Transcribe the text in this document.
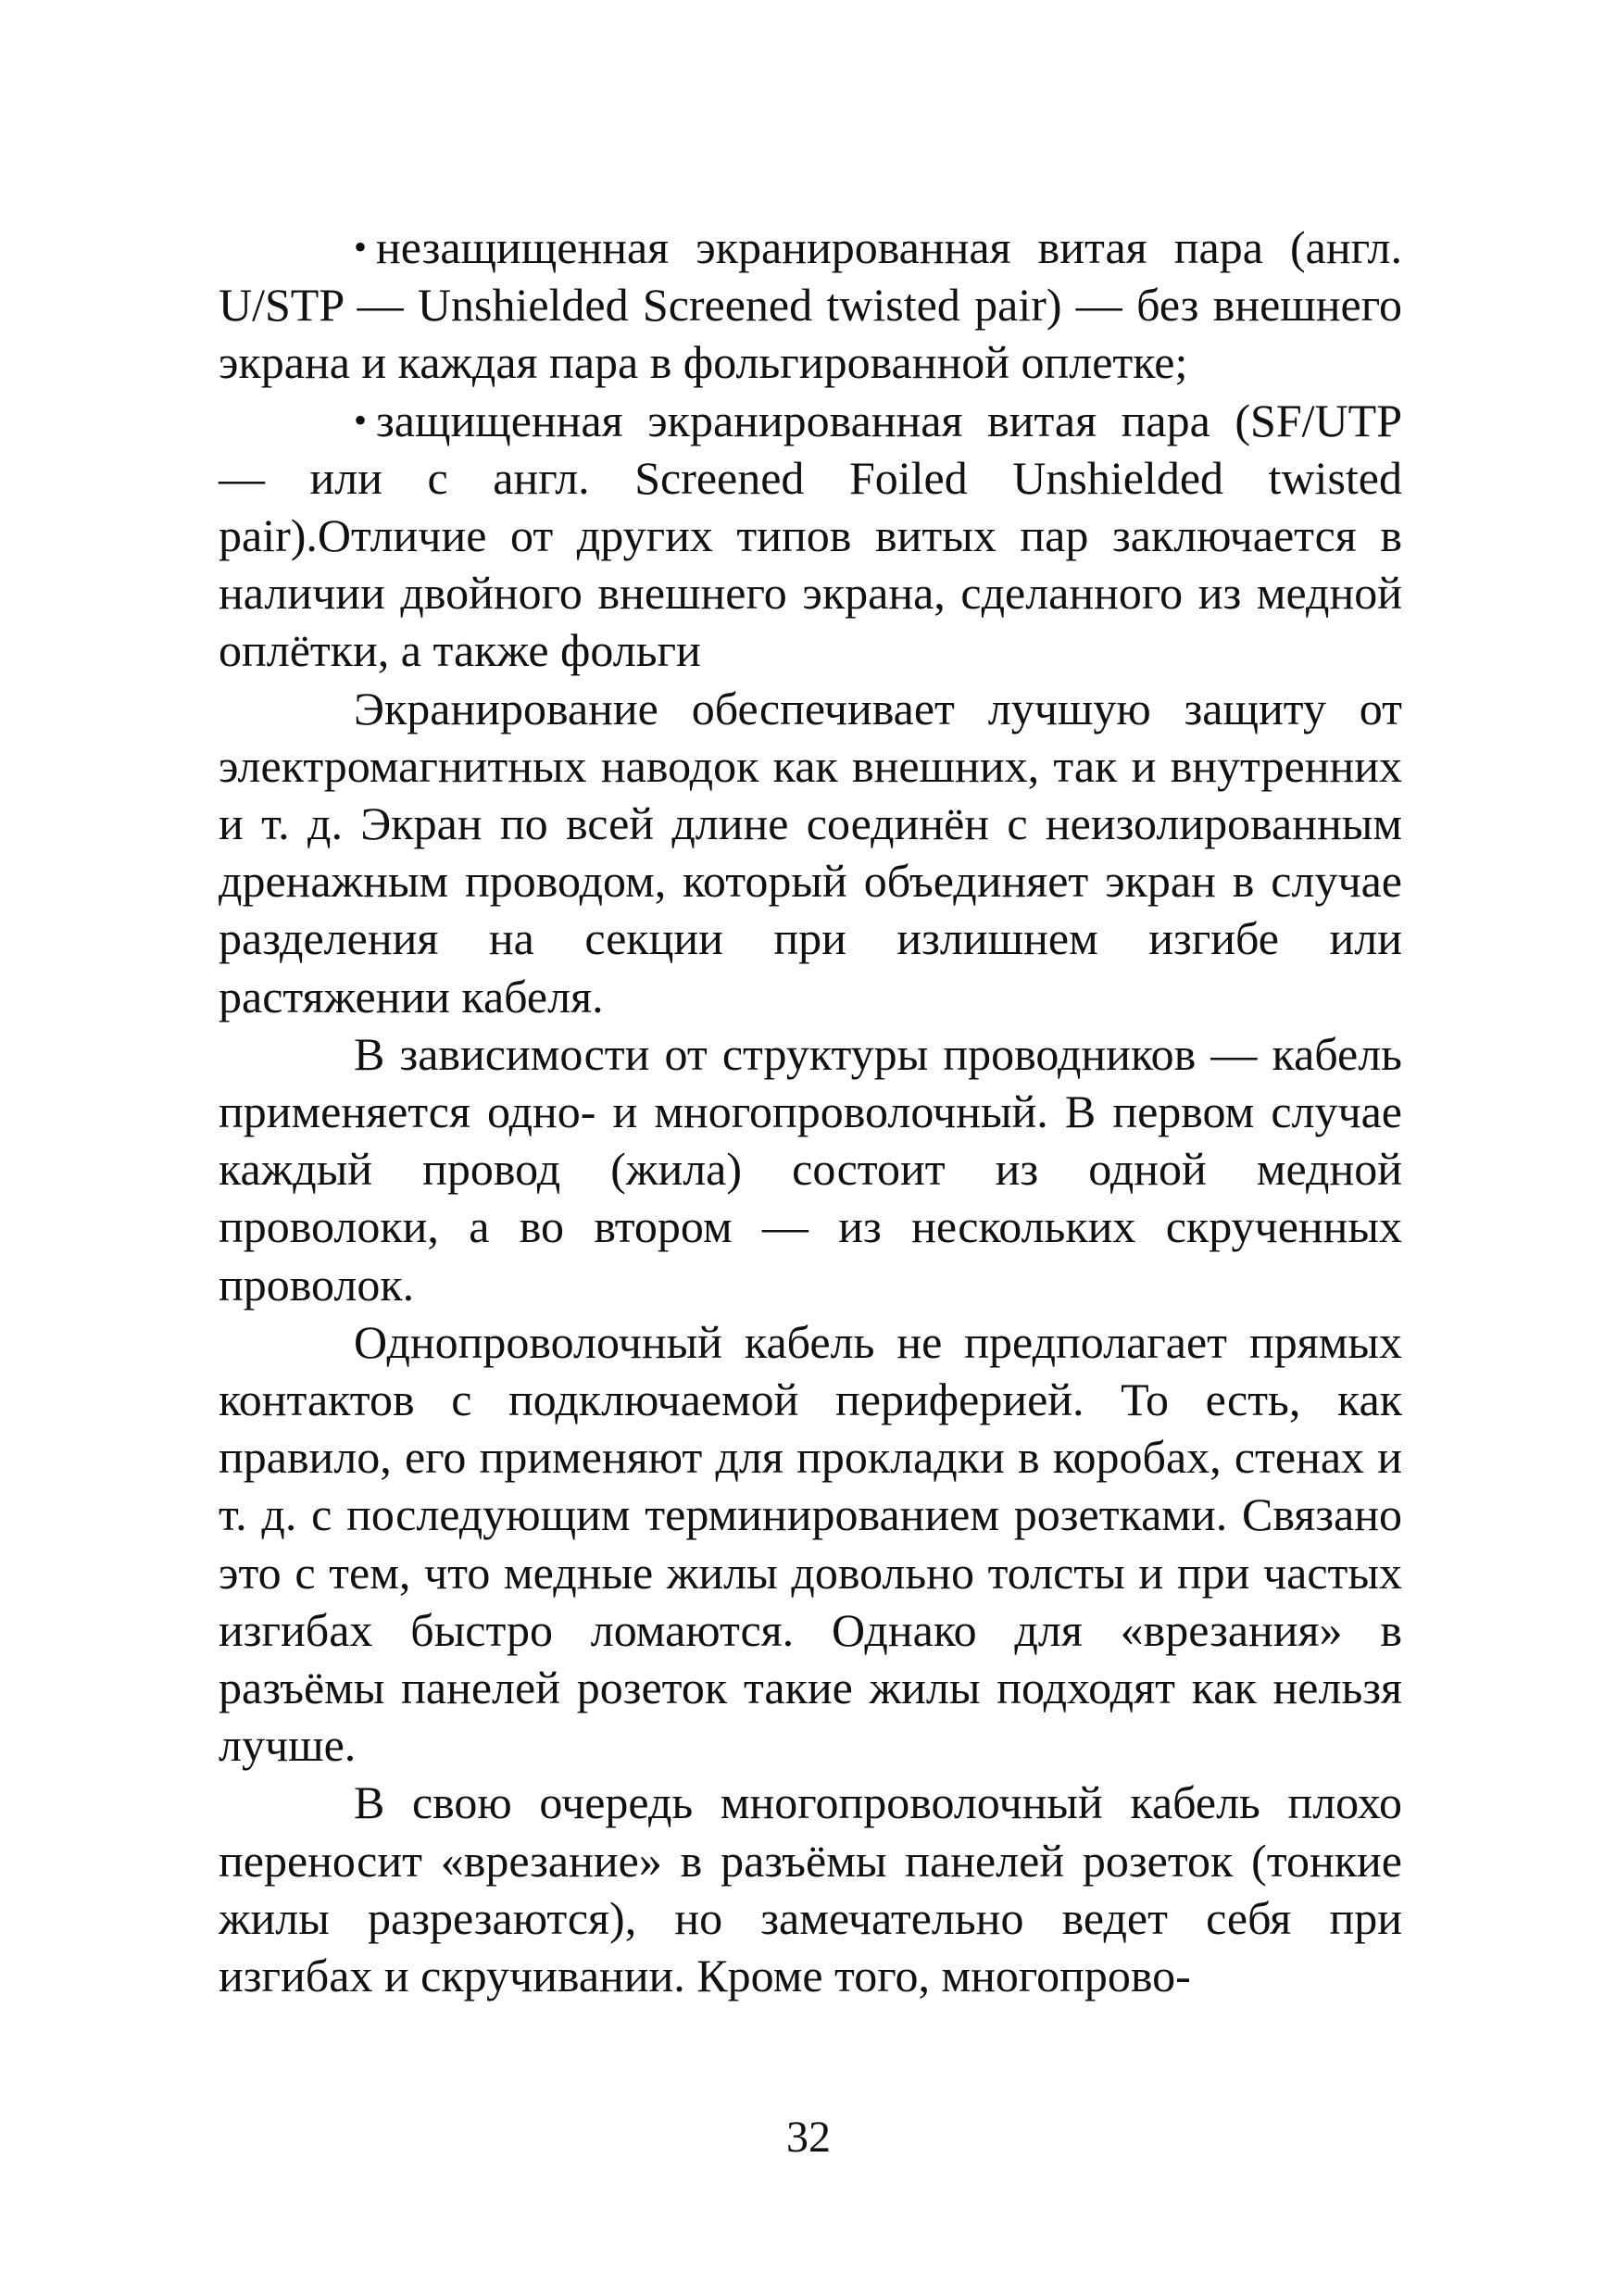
• незащищенная экранированная витая пара (англ. U/STP — Unshielded Screened twisted pair) — без внешнего экрана и каждая пара в фольгированной оплетке;

• защищенная экранированная витая пара (SF/UTP — или с англ. Screened Foiled Unshielded twisted pair).Отличие от других типов витых пар заключается в наличии двойного внешнего экрана, сделанного из медной оплётки, а также фольги

Экранирование обеспечивает лучшую защиту от электромагнитных наводок как внешних, так и внутренних и т. д. Экран по всей длине соединён с неизолированным дренажным проводом, который объединяет экран в случае разделения на секции при излишнем изгибе или растяжении кабеля.

В зависимости от структуры проводников — кабель применяется одно- и многопроволочный. В первом случае каждый провод (жила) состоит из одной медной проволоки, а во втором — из нескольких скрученных проволок.

Однопроволочный кабель не предполагает прямых контактов с подключаемой периферией. То есть, как правило, его применяют для прокладки в коробах, стенах и т. д. с последующим терминированием розетками. Связано это с тем, что медные жилы довольно толсты и при частых изгибах быстро ломаются. Однако для «врезания» в разъёмы панелей розеток такие жилы подходят как нельзя лучше.

В свою очередь многопроволочный кабель плохо переносит «врезание» в разъёмы панелей розеток (тонкие жилы разрезаются), но замечательно ведет себя при изгибах и скручивании. Кроме того, многопрово-

32
